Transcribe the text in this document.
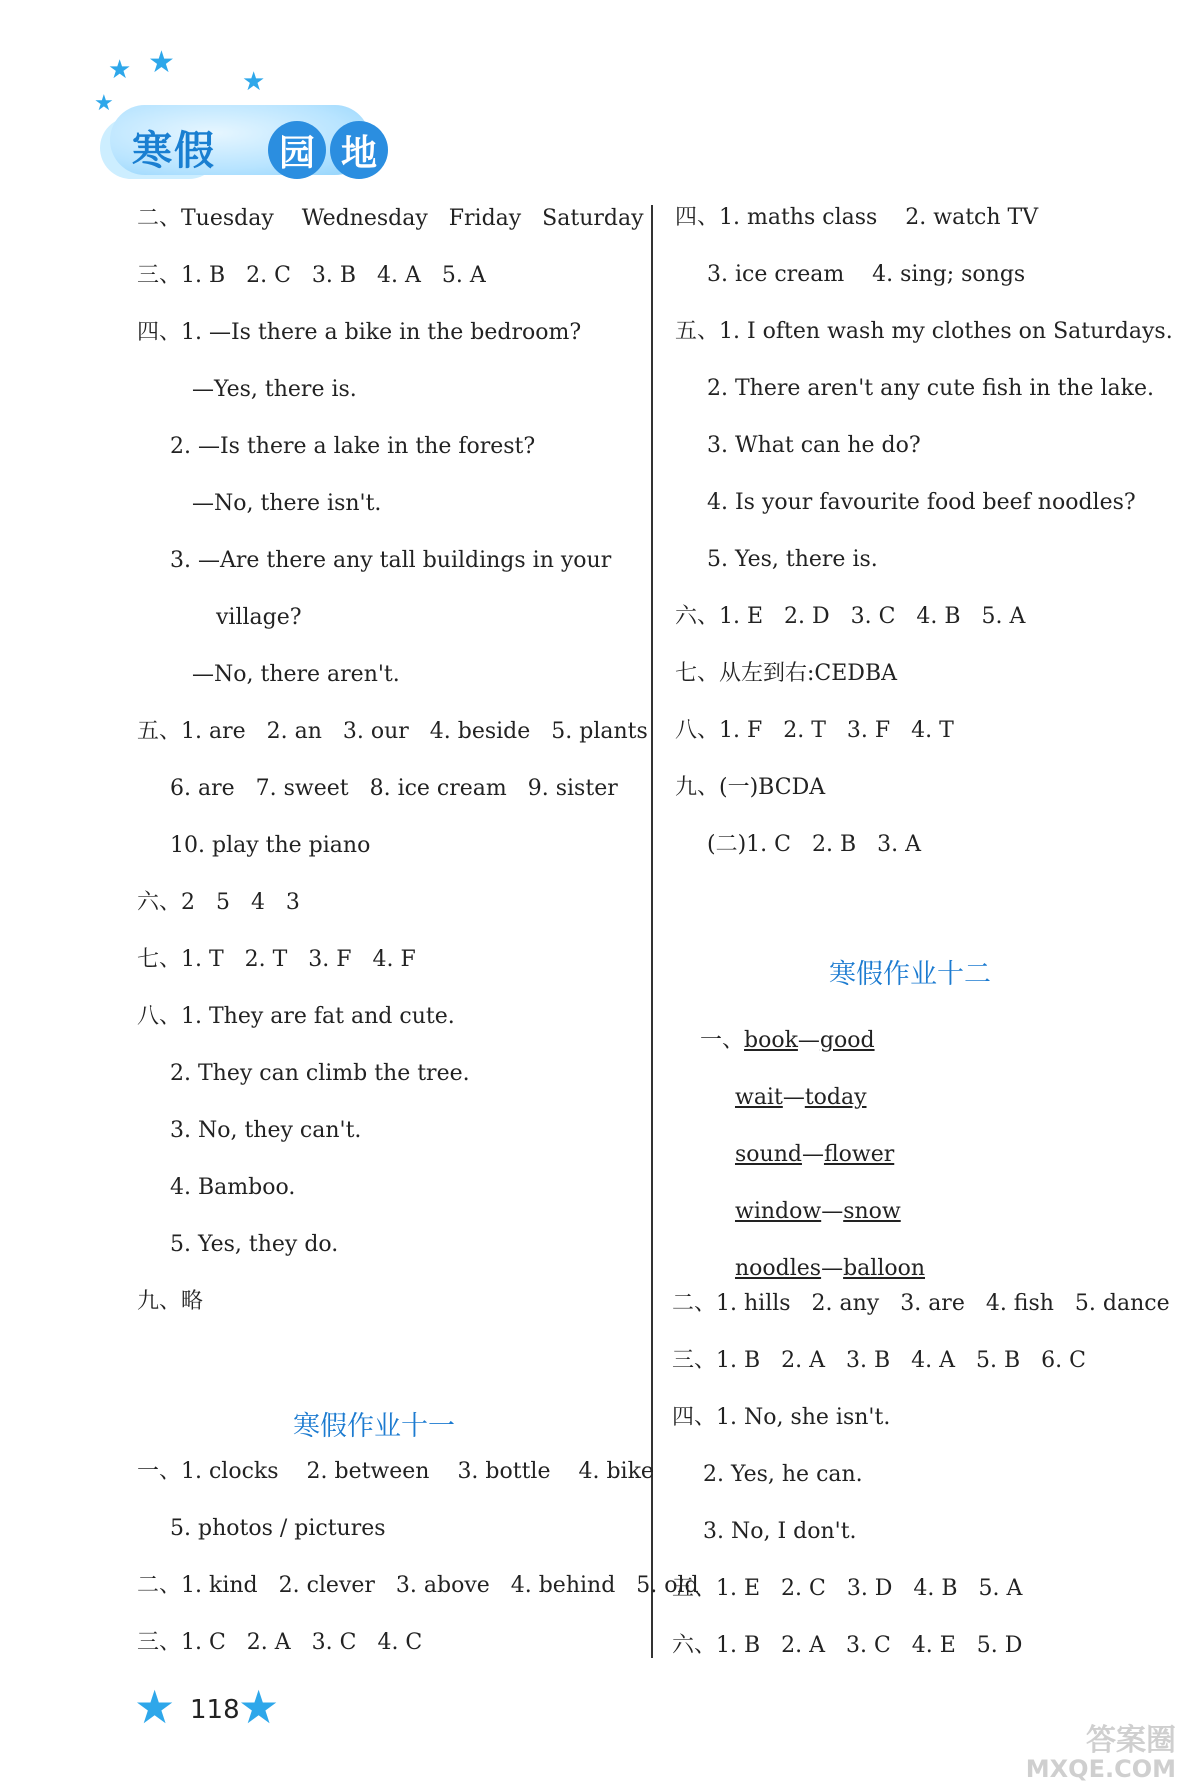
★ ★
★
★
寒假	园 地
二、Tuesday    Wednesday   Friday   Saturday
三、1. B   2. C   3. B   4. A   5. A
四、1. —Is there a bike in the bedroom?
—Yes, there is.
2. —Is there a lake in the forest?
—No, there isn't.
3. —Are there any tall buildings in your
village?
—No, there aren't.
五、1. are   2. an   3. our   4. beside   5. plants
6. are   7. sweet   8. ice cream   9. sister
10. play the piano
六、2   5   4   3
七、1. T   2. T   3. F   4. F
八、1. They are fat and cute.
2. They can climb the tree.
3. No, they can't.
4. Bamboo.
5. Yes, they do.
九、略
寒假作业十一
一、1. clocks    2. between    3. bottle    4. bike
5. photos / pictures
二、1. kind   2. clever   3. above   4. behind   5. old
三、1. C   2. A   3. C   4. C
四、1. maths class    2. watch TV
3. ice cream    4. sing; songs
五、1. I often wash my clothes on Saturdays.
2. There aren't any cute fish in the lake.
3. What can he do?
4. Is your favourite food beef noodles?
5. Yes, there is.
六、1. E   2. D   3. C   4. B   5. A
七、从左到右:CEDBA
八、1. F   2. T   3. F   4. T
九、(一)BCDA
(二)1. C   2. B   3. A
寒假作业十二

一、book—good

wait—today

sound—flower

window—snow

noodles—balloon

二、1. hills   2. any   3. are   4. fish   5. dance
三、1. B   2. A   3. B   4. A   5. B   6. C
四、1. No, she isn't.
2. Yes, he can.
3. No, I don't.
五、1. E   2. C   3. D   4. B   5. A
六、1. B   2. A   3. C   4. E   5. D
★ 118
★
答案圈
MXQE.COM
